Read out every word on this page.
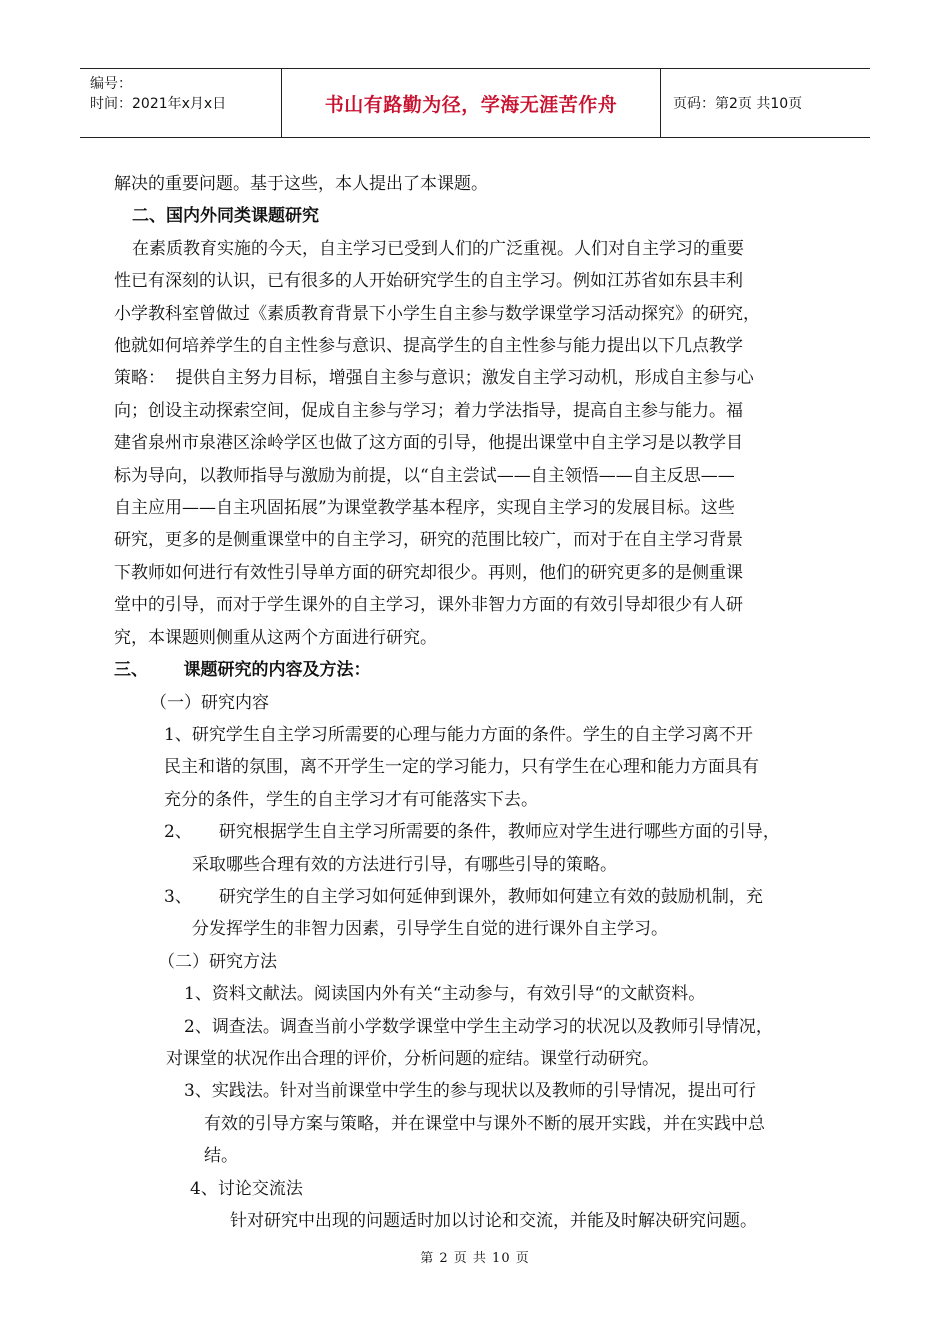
编号：
时间：2021年x月x日	书山有路勤为径，学海无涯苦作舟	页码：第2页 共10页

解决的重要问题。基于这些，本人提出了本课题。

二、国内外同类课题研究

在素质教育实施的今天，自主学习已受到人们的广泛重视。人们对自主学习的重要

性已有深刻的认识，已有很多的人开始研究学生的自主学习。例如江苏省如东县丰利

小学教科室曾做过《素质教育背景下小学生自主参与数学课堂学习活动探究》的研究，

他就如何培养学生的自主性参与意识、提高学生的自主性参与能力提出以下几点教学

策略：  提供自主努力目标，增强自主参与意识；激发自主学习动机，形成自主参与心

向；创设主动探索空间，促成自主参与学习；着力学法指导，提高自主参与能力。福

建省泉州市泉港区涂岭学区也做了这方面的引导，他提出课堂中自主学习是以教学目

标为导向，以教师指导与激励为前提，以“自主尝试——自主领悟——自主反思——

自主应用——自主巩固拓展”为课堂教学基本程序，实现自主学习的发展目标。这些

研究，更多的是侧重课堂中的自主学习，研究的范围比较广，而对于在自主学习背景

下教师如何进行有效性引导单方面的研究却很少。再则，他们的研究更多的是侧重课

堂中的引导，而对于学生课外的自主学习，课外非智力方面的有效引导却很少有人研

究，本课题则侧重从这两个方面进行研究。

三、      课题研究的内容及方法：

（一）研究内容

1、研究学生自主学习所需要的心理与能力方面的条件。学生的自主学习离不开

民主和谐的氛围，离不开学生一定的学习能力，只有学生在心理和能力方面具有

充分的条件，学生的自主学习才有可能落实下去。

2、     研究根据学生自主学习所需要的条件，教师应对学生进行哪些方面的引导，

采取哪些合理有效的方法进行引导，有哪些引导的策略。

3、     研究学生的自主学习如何延伸到课外，教师如何建立有效的鼓励机制，充

分发挥学生的非智力因素，引导学生自觉的进行课外自主学习。

（二）研究方法

1、资料文献法。阅读国内外有关“主动参与，有效引导“的文献资料。

2、调查法。调查当前小学数学课堂中学生主动学习的状况以及教师引导情况，

对课堂的状况作出合理的评价，分析问题的症结。课堂行动研究。

3、实践法。针对当前课堂中学生的参与现状以及教师的引导情况，提出可行

有效的引导方案与策略，并在课堂中与课外不断的展开实践，并在实践中总

结。

4、讨论交流法

针对研究中出现的问题适时加以讨论和交流，并能及时解决研究问题。

第 2 页 共 10 页
